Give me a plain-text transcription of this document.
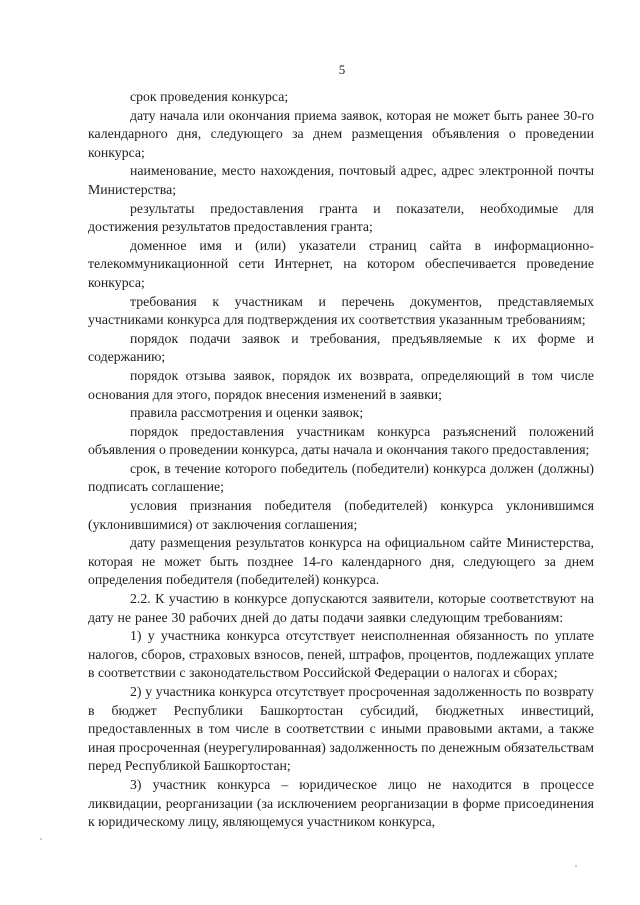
5

срок проведения конкурса;

дату начала или окончания приема заявок, которая не может быть ранее 30-го календарного дня, следующего за днем размещения объявления о проведении конкурса;

наименование, место нахождения, почтовый адрес, адрес электронной почты Министерства;

результаты предоставления гранта и показатели, необходимые для достижения результатов предоставления гранта;

доменное имя и (или) указатели страниц сайта в информационно-телекоммуникационной сети Интернет, на котором обеспечивается проведение конкурса;

требования к участникам и перечень документов, представляемых участниками конкурса для подтверждения их соответствия указанным требованиям;

порядок подачи заявок и требования, предъявляемые к их форме и содержанию;

порядок отзыва заявок, порядок их возврата, определяющий в том числе основания для этого, порядок внесения изменений в заявки;

правила рассмотрения и оценки заявок;

порядок предоставления участникам конкурса разъяснений положений объявления о проведении конкурса, даты начала и окончания такого предоставления;

срок, в течение которого победитель (победители) конкурса должен (должны) подписать соглашение;

условия признания победителя (победителей) конкурса уклонившимся (уклонившимися) от заключения соглашения;

дату размещения результатов конкурса на официальном сайте Министерства, которая не может быть позднее 14-го календарного дня, следующего за днем определения победителя (победителей) конкурса.

2.2. К участию в конкурсе допускаются заявители, которые соответствуют на дату не ранее 30 рабочих дней до даты подачи заявки следующим требованиям:

1) у участника конкурса отсутствует неисполненная обязанность по уплате налогов, сборов, страховых взносов, пеней, штрафов, процентов, подлежащих уплате в соответствии с законодательством Российской Федерации о налогах и сборах;

2) у участника конкурса отсутствует просроченная задолженность по возврату в бюджет Республики Башкортостан субсидий, бюджетных инвестиций, предоставленных в том числе в соответствии с иными правовыми актами, а также иная просроченная (неурегулированная) задолженность по денежным обязательствам перед Республикой Башкортостан;

3) участник конкурса – юридическое лицо не находится в процессе ликвидации, реорганизации (за исключением реорганизации в форме присоединения к юридическому лицу, являющемуся участником конкурса,
